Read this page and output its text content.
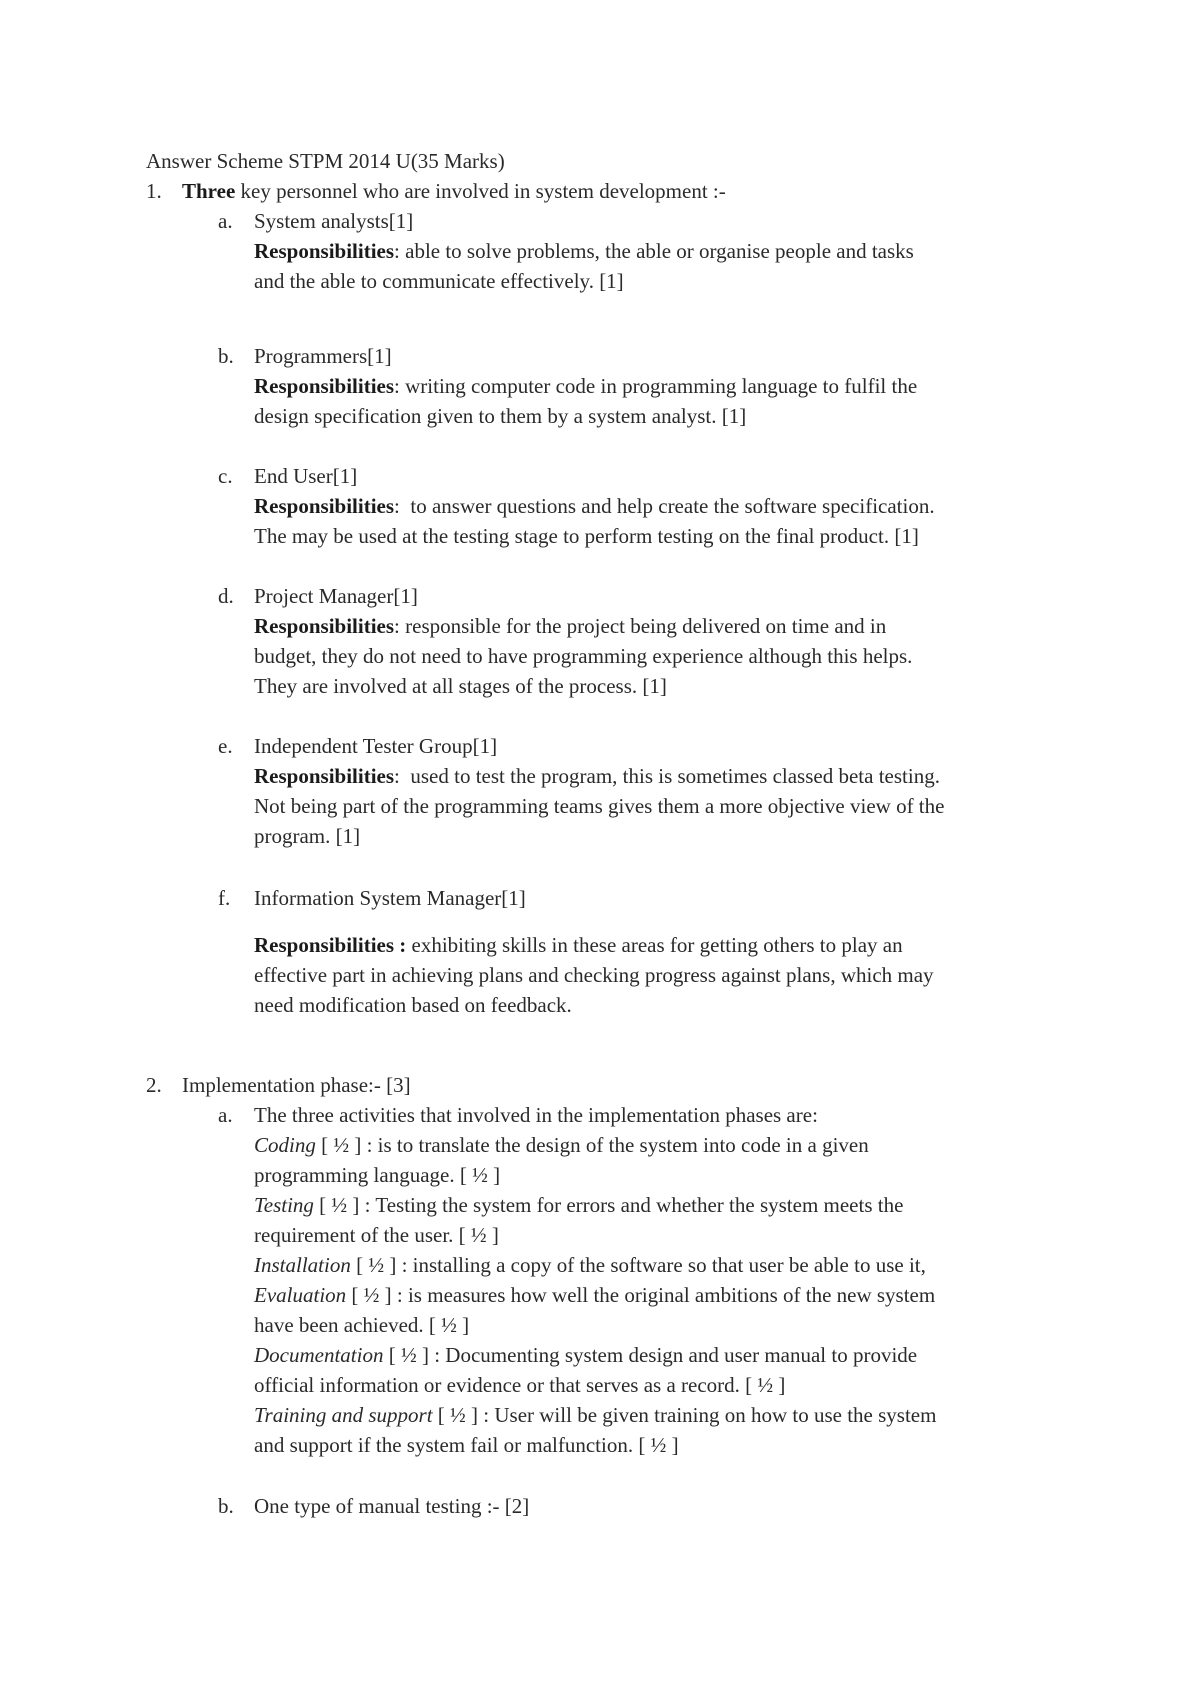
Answer Scheme STPM 2014 U(35 Marks)
1. Three key personnel who are involved in system development :-
a. System analysts[1]
Responsibilities: able to solve problems, the able or organise people and tasks
and the able to communicate effectively. [1]
b. Programmers[1]
Responsibilities: writing computer code in programming language to fulfil the
design specification given to them by a system analyst. [1]
c. End User[1]
Responsibilities:  to answer questions and help create the software specification.
The may be used at the testing stage to perform testing on the final product. [1]
d. Project Manager[1]
Responsibilities: responsible for the project being delivered on time and in
budget, they do not need to have programming experience although this helps.
They are involved at all stages of the process. [1]
e. Independent Tester Group[1]
Responsibilities:  used to test the program, this is sometimes classed beta testing.
Not being part of the programming teams gives them a more objective view of the
program. [1]
f. Information System Manager[1]
Responsibilities : exhibiting skills in these areas for getting others to play an
effective part in achieving plans and checking progress against plans, which may
need modification based on feedback.
2. Implementation phase:- [3]
a. The three activities that involved in the implementation phases are:
Coding [ ½ ] : is to translate the design of the system into code in a given
programming language. [ ½ ]
Testing [ ½ ] : Testing the system for errors and whether the system meets the
requirement of the user. [ ½ ]
Installation [ ½ ] : installing a copy of the software so that user be able to use it,
Evaluation [ ½ ] : is measures how well the original ambitions of the new system
have been achieved. [ ½ ]
Documentation [ ½ ] : Documenting system design and user manual to provide
official information or evidence or that serves as a record. [ ½ ]
Training and support [ ½ ] : User will be given training on how to use the system
and support if the system fail or malfunction. [ ½ ]
b. One type of manual testing :- [2]
